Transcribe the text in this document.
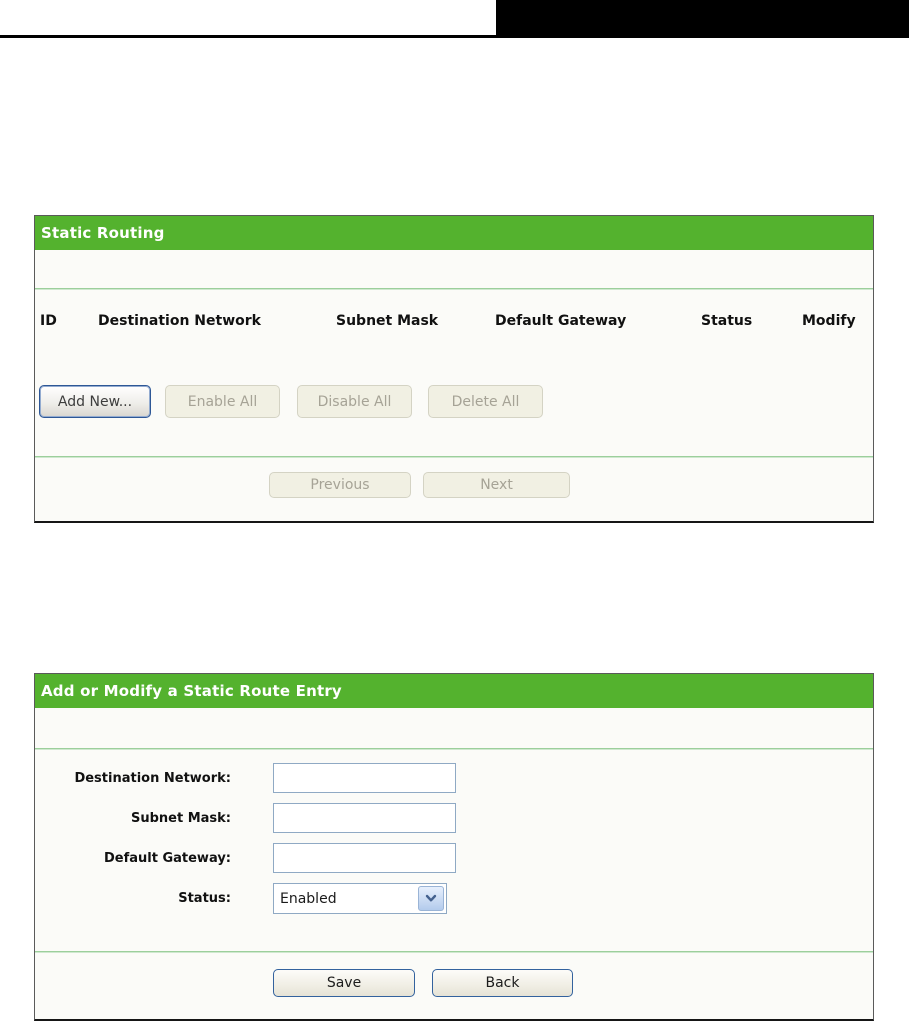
Static Routing
ID	Destination Network	Subnet Mask	Default Gateway	Status	Modify
Add New...	Enable All	Disable All	Delete All
Previous	Next
Add or Modify a Static Route Entry
Destination Network:
Subnet Mask:
Default Gateway:
Status:	Enabled
Save	Back
